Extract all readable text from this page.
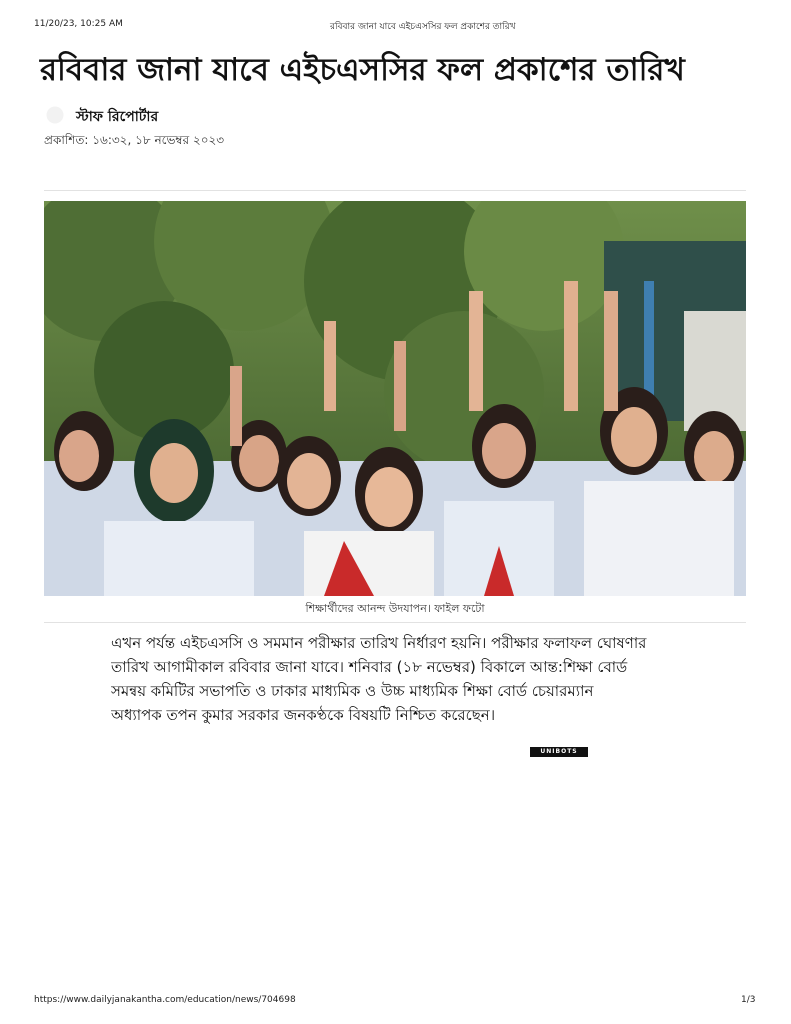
11/20/23, 10:25 AM	রবিবার জানা যাবে এইচএসসির ফল প্রকাশের তারিখ
রবিবার জানা যাবে এইচএসসির ফল প্রকাশের তারিখ
স্টাফ রিপোর্টার
প্রকাশিত: ১৬:৩২, ১৮ নভেম্বর ২০২৩
শিক্ষার্থীদের আনন্দ উদযাপন। ফাইল ফটো

এখন পর্যন্ত এইচএসসি ও সমমান পরীক্ষার তারিখ নির্ধারণ হয়নি। পরীক্ষার ফলাফল ঘোষণার

তারিখ আগামীকাল রবিবার জানা যাবে। শনিবার (১৮ নভেম্বর) বিকালে আন্ত:শিক্ষা বোর্ড

সমন্বয় কমিটির সভাপতি ও ঢাকার মাধ্যমিক ও উচ্চ মাধ্যমিক শিক্ষা বোর্ড চেয়ারম্যান

অধ্যাপক তপন কুমার সরকার জনকণ্ঠকে বিষয়টি নিশ্চিত করেছেন।

UNIBOTS
https://www.dailyjanakantha.com/education/news/704698	1/3
